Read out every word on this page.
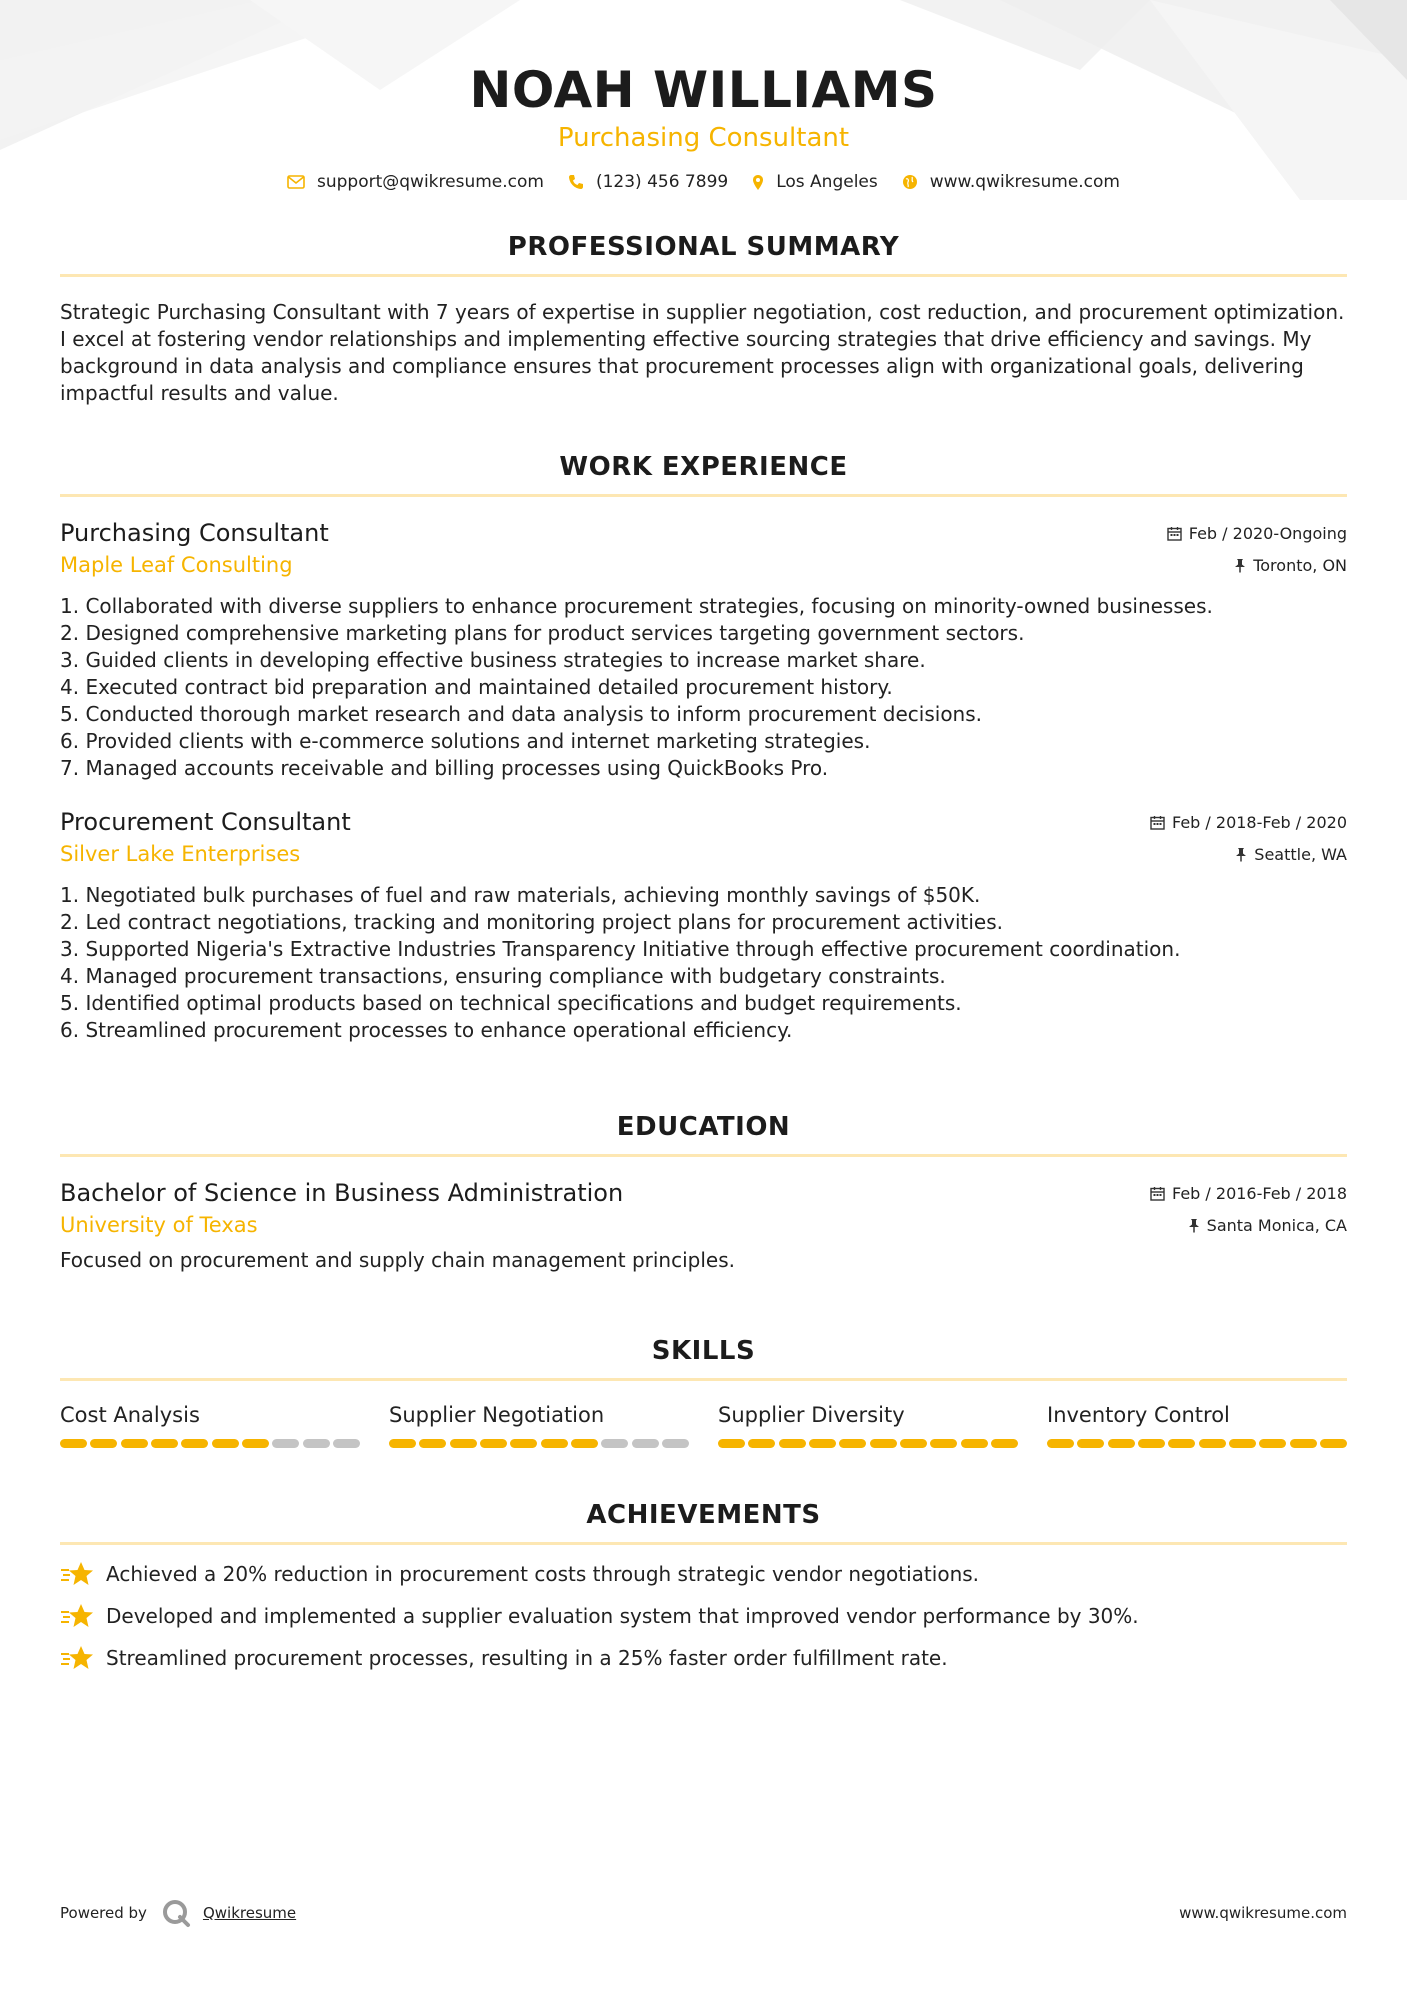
NOAH WILLIAMS
Purchasing Consultant
support@qwikresume.com	(123) 456 7899	Los Angeles	www.qwikresume.com
PROFESSIONAL SUMMARY
Strategic Purchasing Consultant with 7 years of expertise in supplier negotiation, cost reduction, and procurement optimization. I excel at fostering vendor relationships and implementing effective sourcing strategies that drive efficiency and savings. My background in data analysis and compliance ensures that procurement processes align with organizational goals, delivering impactful results and value.
WORK EXPERIENCE
Purchasing Consultant	Feb / 2020-Ongoing
Maple Leaf Consulting	Toronto, ON
1. Collaborated with diverse suppliers to enhance procurement strategies, focusing on minority-owned businesses.
2. Designed comprehensive marketing plans for product services targeting government sectors.
3. Guided clients in developing effective business strategies to increase market share.
4. Executed contract bid preparation and maintained detailed procurement history.
5. Conducted thorough market research and data analysis to inform procurement decisions.
6. Provided clients with e-commerce solutions and internet marketing strategies.
7. Managed accounts receivable and billing processes using QuickBooks Pro.
Procurement Consultant	Feb / 2018-Feb / 2020
Silver Lake Enterprises	Seattle, WA
1. Negotiated bulk purchases of fuel and raw materials, achieving monthly savings of $50K.
2. Led contract negotiations, tracking and monitoring project plans for procurement activities.
3. Supported Nigeria's Extractive Industries Transparency Initiative through effective procurement coordination.
4. Managed procurement transactions, ensuring compliance with budgetary constraints.
5. Identified optimal products based on technical specifications and budget requirements.
6. Streamlined procurement processes to enhance operational efficiency.
EDUCATION
Bachelor of Science in Business Administration	Feb / 2016-Feb / 2018
University of Texas	Santa Monica, CA
Focused on procurement and supply chain management principles.
SKILLS
Cost Analysis	Supplier Negotiation	Supplier Diversity	Inventory Control
ACHIEVEMENTS
Achieved a 20% reduction in procurement costs through strategic vendor negotiations.
Developed and implemented a supplier evaluation system that improved vendor performance by 30%.
Streamlined procurement processes, resulting in a 25% faster order fulfillment rate.
Powered by	Qwikresume	www.qwikresume.com
